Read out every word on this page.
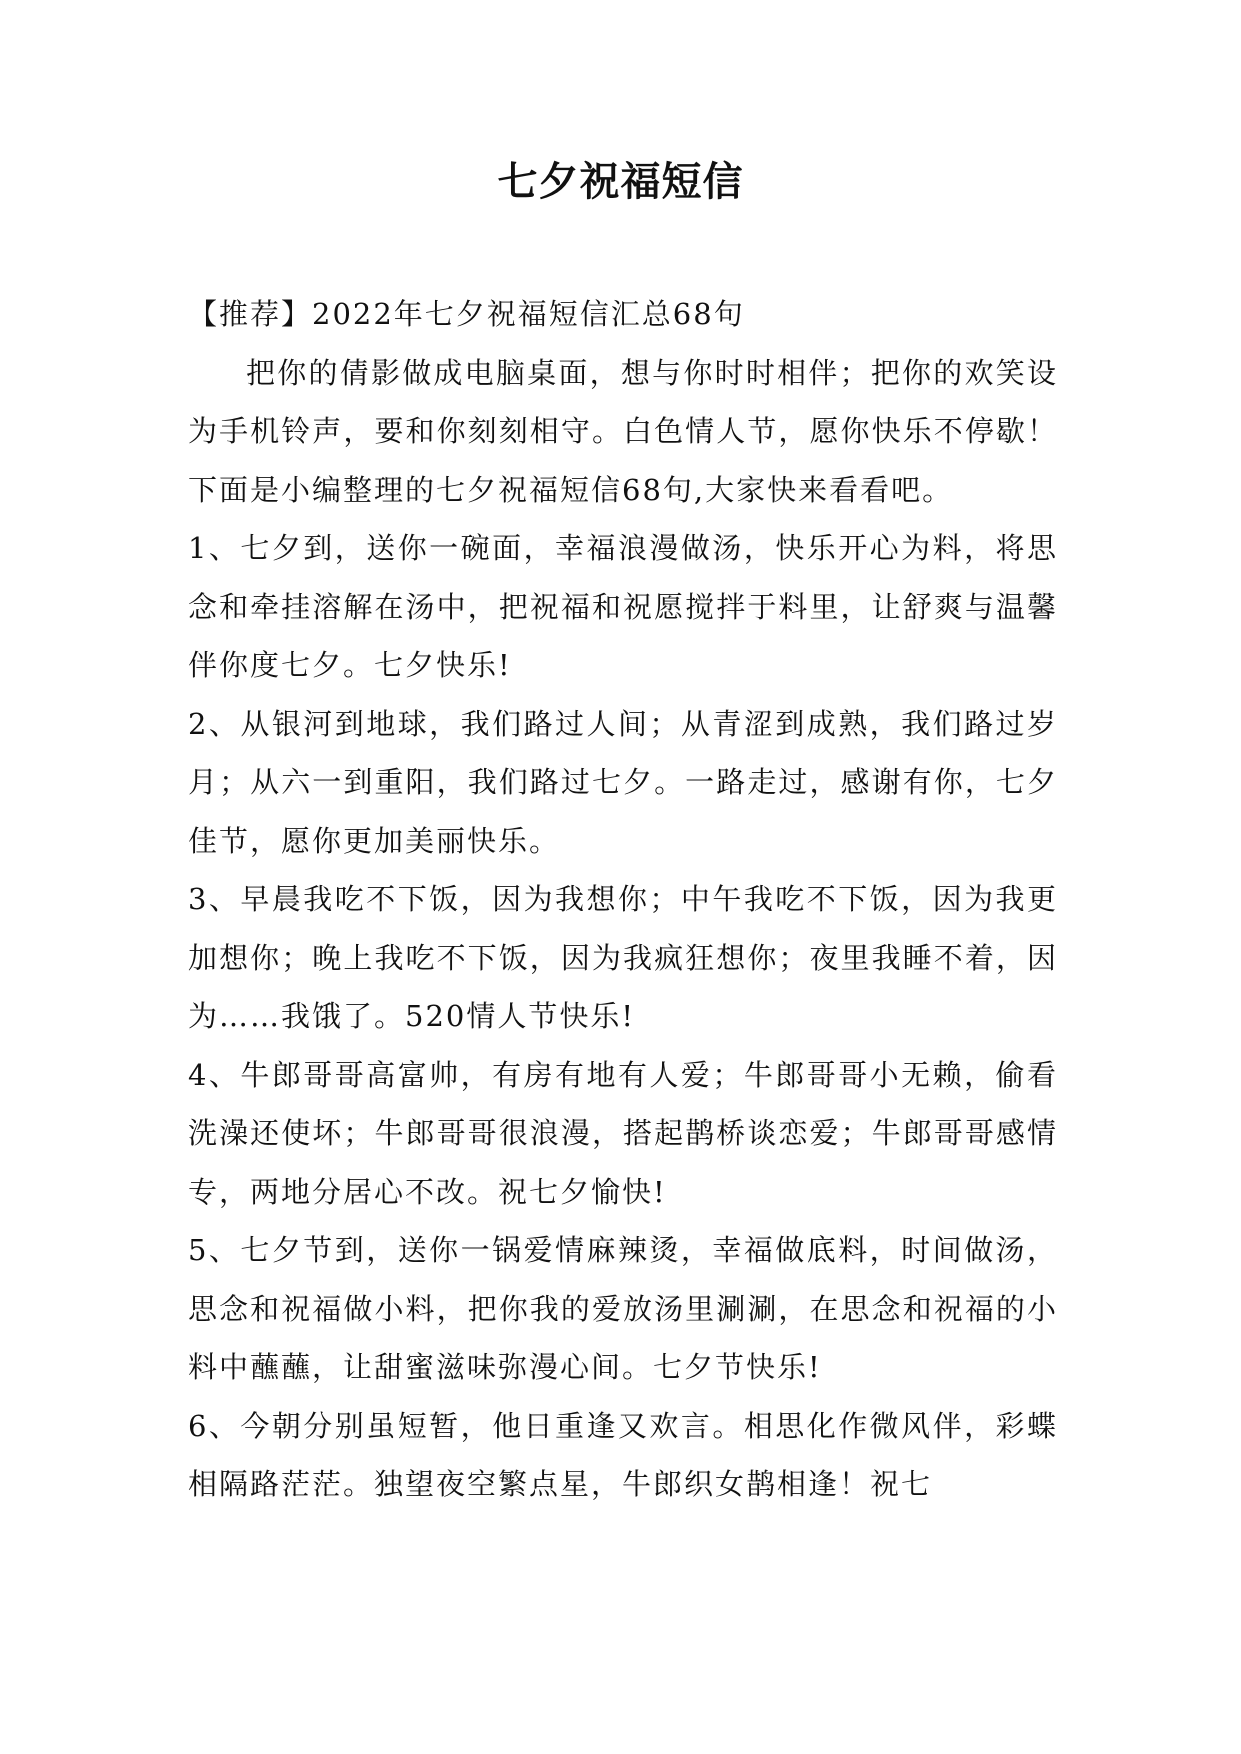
七夕祝福短信

【推荐】2022年七夕祝福短信汇总68句

把你的倩影做成电脑桌面，想与你时时相伴；把你的欢笑设为手机铃声，要和你刻刻相守。白色情人节，愿你快乐不停歇！下面是小编整理的七夕祝福短信68句,大家快来看看吧。

1、七夕到，送你一碗面，幸福浪漫做汤，快乐开心为料，将思念和牵挂溶解在汤中，把祝福和祝愿搅拌于料里，让舒爽与温馨伴你度七夕。七夕快乐!

2、从银河到地球，我们路过人间；从青涩到成熟，我们路过岁月；从六一到重阳，我们路过七夕。一路走过，感谢有你，七夕佳节，愿你更加美丽快乐。

3、早晨我吃不下饭，因为我想你；中午我吃不下饭，因为我更加想你；晚上我吃不下饭，因为我疯狂想你；夜里我睡不着，因为……我饿了。520情人节快乐!

4、牛郎哥哥高富帅，有房有地有人爱；牛郎哥哥小无赖，偷看洗澡还使坏；牛郎哥哥很浪漫，搭起鹊桥谈恋爱；牛郎哥哥感情专，两地分居心不改。祝七夕愉快!

5、七夕节到，送你一锅爱情麻辣烫，幸福做底料，时间做汤，思念和祝福做小料，把你我的爱放汤里涮涮，在思念和祝福的小料中蘸蘸，让甜蜜滋味弥漫心间。七夕节快乐!

6、今朝分别虽短暂，他日重逢又欢言。相思化作微风伴，彩蝶相隔路茫茫。独望夜空繁点星，牛郎织女鹊相逢！祝七
